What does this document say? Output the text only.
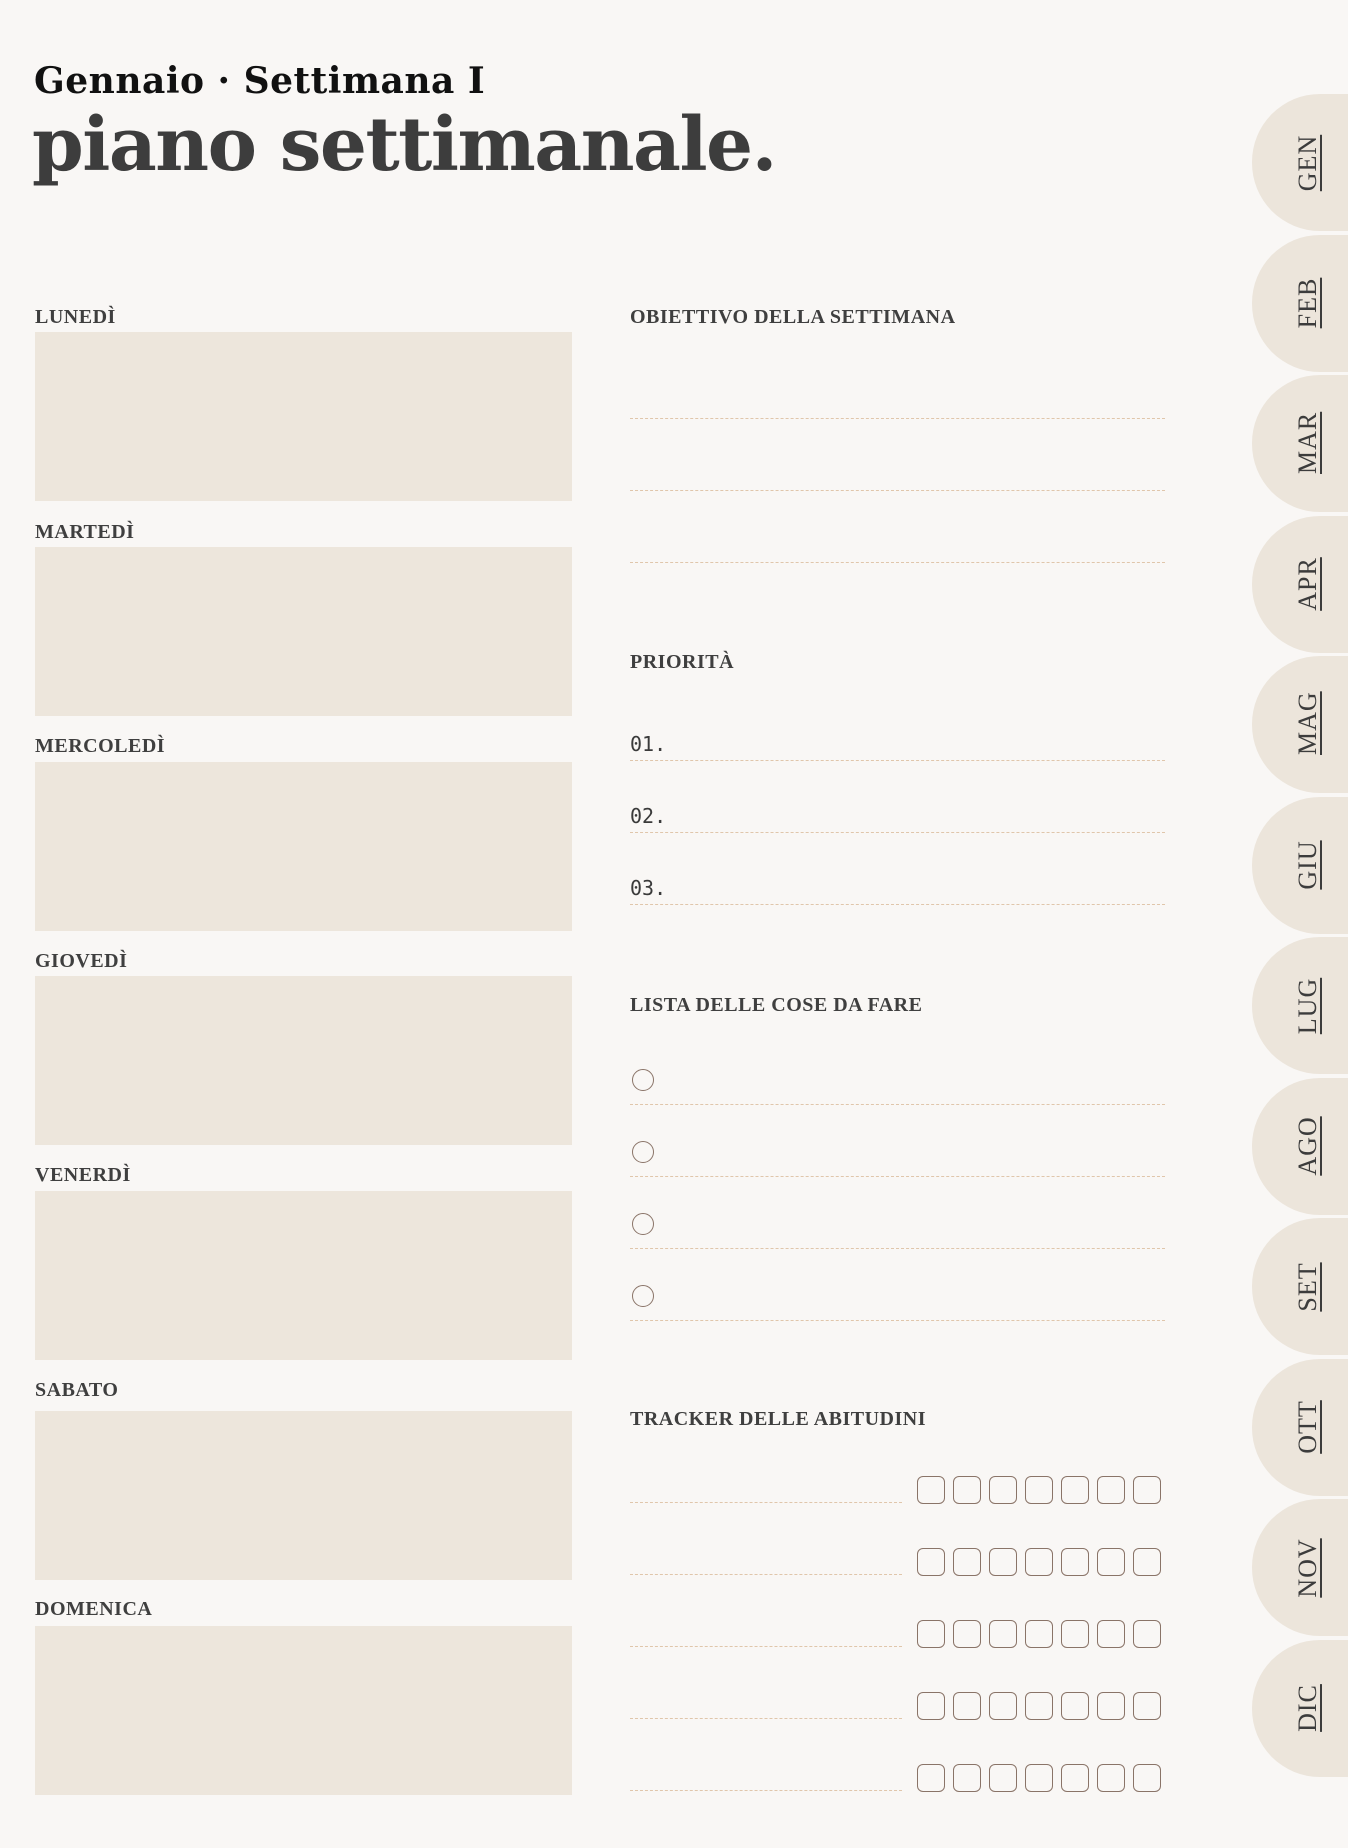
Gennaio · Settimana I
piano settimanale.
LUNEDÌ
MARTEDÌ
MERCOLEDÌ
GIOVEDÌ
VENERDÌ
SABATO
DOMENICA
OBIETTIVO DELLA SETTIMANA
PRIORITÀ
01.
02.
03.
LISTA DELLE COSE DA FARE
TRACKER DELLE ABITUDINI
GEN
FEB
MAR
APR
MAG
GIU
LUG
AGO
SET
OTT
NOV
DIC
